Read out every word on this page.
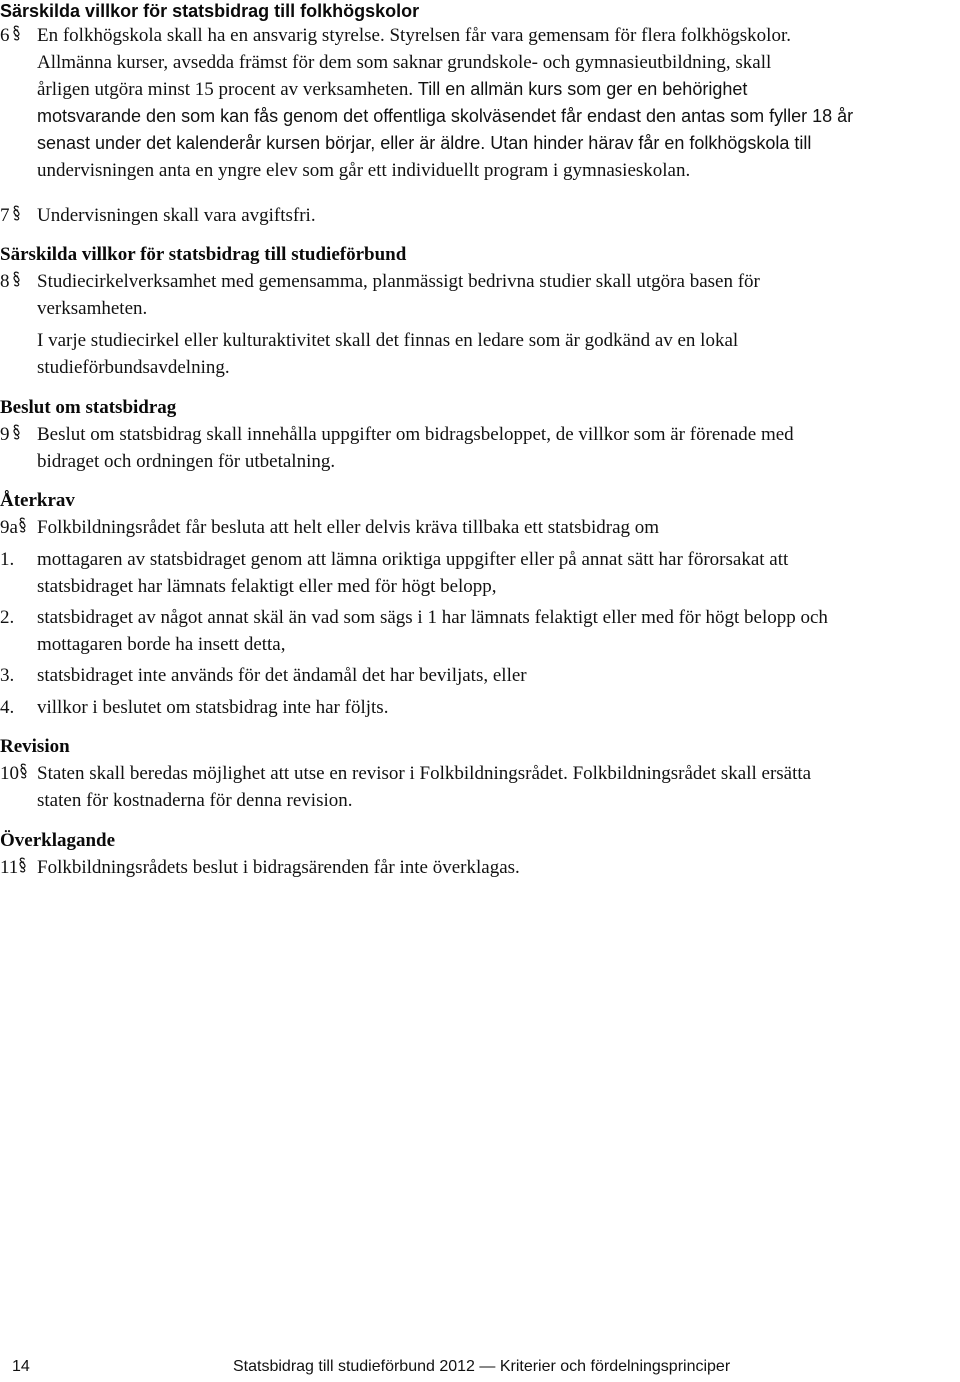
Särskilda villkor för statsbidrag till folkhögskolor
6	En folkhögskola skall ha en ansvarig styrelse. Styrelsen får vara gemensam för flera folkhögskolor.
Allmänna kurser, avsedda främst för dem som saknar grundskole- och gymnasieutbildning, skall
årligen utgöra minst 15 procent av verksamheten. Till en allmän kurs som ger en behörighet
motsvarande den som kan fås genom det offentliga skolväsendet får endast den antas som fyller 18 år
senast under det kalenderår kursen börjar, eller är äldre. Utan hinder härav får en folkhögskola till
undervisningen anta en yngre elev som går ett individuellt program i gymnasieskolan.
7	Undervisningen skall vara avgiftsfri.
Särskilda villkor för statsbidrag till studieförbund
8	Studiecirkelverksamhet med gemensamma, planmässigt bedrivna studier skall utgöra basen för
verksamheten.
I varje studiecirkel eller kulturaktivitet skall det finnas en ledare som är godkänd av en lokal
studieförbundsavdelning.
Beslut om statsbidrag
9	Beslut om statsbidrag skall innehålla uppgifter om bidragsbeloppet, de villkor som är förenade med
bidraget och ordningen för utbetalning.
Återkrav
9a	Folkbildningsrådet får besluta att helt eller delvis kräva tillbaka ett statsbidrag om
1.	mottagaren av statsbidraget genom att lämna oriktiga uppgifter eller på annat sätt har förorsakat att
statsbidraget har lämnats felaktigt eller med för högt belopp,
2.	statsbidraget av något annat skäl än vad som sägs i 1 har lämnats felaktigt eller med för högt belopp och
mottagaren borde ha insett detta,
3.	statsbidraget inte används för det ändamål det har beviljats, eller
4.	villkor i beslutet om statsbidrag inte har följts.
Revision
10 Staten skall beredas möjlighet att utse en revisor i Folkbildningsrådet. Folkbildningsrådet skall ersätta
staten för kostnaderna för denna revision.
Överklagande
11 Folkbildningsrådets beslut i bidragsärenden får inte överklagas.
14	Statsbidrag till studieförbund 2012 — Kriterier och fördelningsprinciper
